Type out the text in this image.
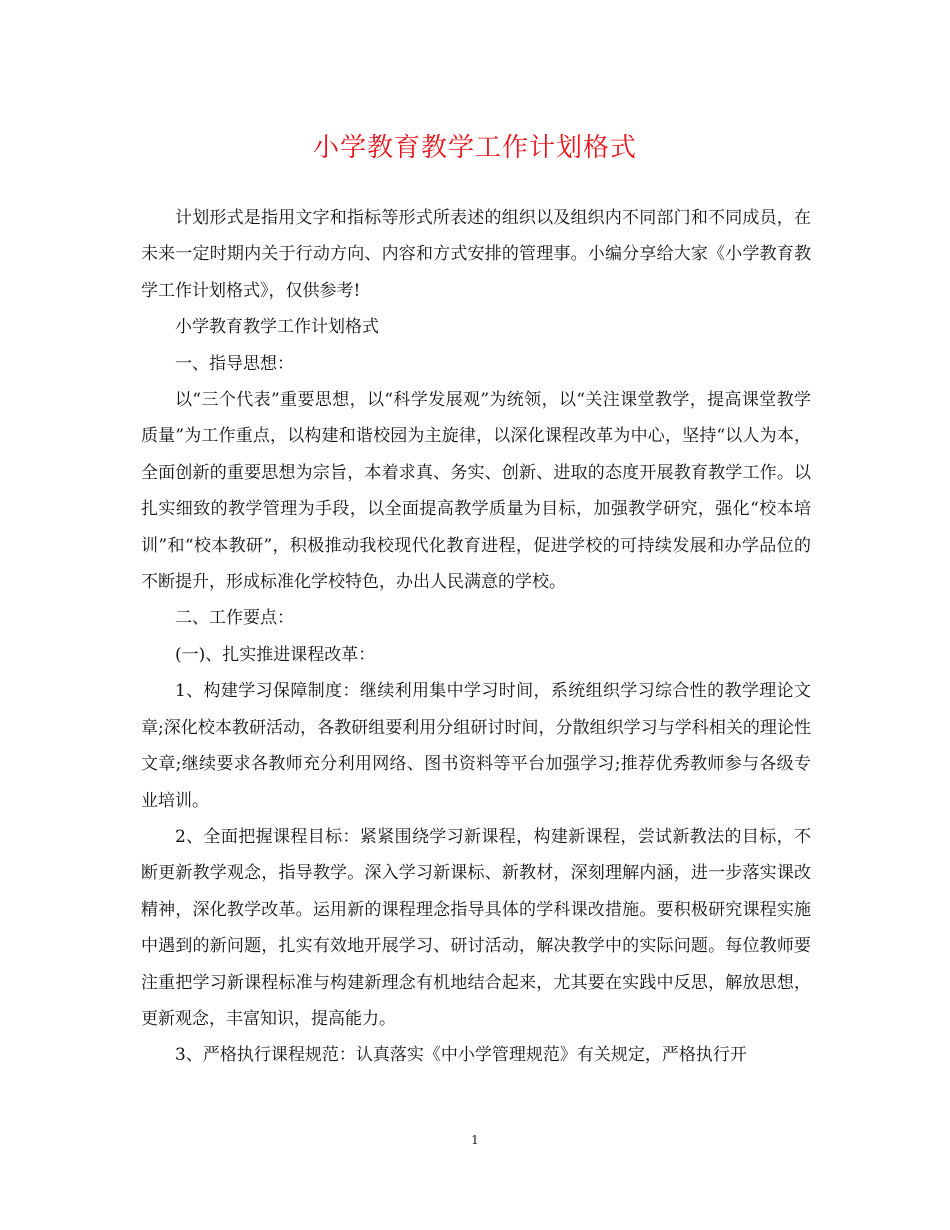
小学教育教学工作计划格式

计划形式是指用文字和指标等形式所表述的组织以及组织内不同部门和不同成员，在未来一定时期内关于行动方向、内容和方式安排的管理事。小编分享给大家《小学教育教学工作计划格式》，仅供参考!

小学教育教学工作计划格式

一、指导思想：

以“三个代表”重要思想，以“科学发展观”为统领，以“关注课堂教学，提高课堂教学质量”为工作重点，以构建和谐校园为主旋律，以深化课程改革为中心，坚持“以人为本，全面创新的重要思想为宗旨，本着求真、务实、创新、进取的态度开展教育教学工作。以扎实细致的教学管理为手段，以全面提高教学质量为目标，加强教学研究，强化“校本培训”和“校本教研”，积极推动我校现代化教育进程，促进学校的可持续发展和办学品位的不断提升，形成标准化学校特色，办出人民满意的学校。

二、工作要点：

(一)、扎实推进课程改革：

1、构建学习保障制度：继续利用集中学习时间，系统组织学习综合性的教学理论文章;深化校本教研活动，各教研组要利用分组研讨时间，分散组织学习与学科相关的理论性文章;继续要求各教师充分利用网络、图书资料等平台加强学习;推荐优秀教师参与各级专业培训。

2、全面把握课程目标：紧紧围绕学习新课程，构建新课程，尝试新教法的目标，不断更新教学观念，指导教学。深入学习新课标、新教材，深刻理解内涵，进一步落实课改精神，深化教学改革。运用新的课程理念指导具体的学科课改措施。要积极研究课程实施中遇到的新问题，扎实有效地开展学习、研讨活动，解决教学中的实际问题。每位教师要注重把学习新课程标准与构建新理念有机地结合起来，尤其要在实践中反思，解放思想，更新观念，丰富知识，提高能力。

3、严格执行课程规范：认真落实《中小学管理规范》有关规定，严格执行开

1
